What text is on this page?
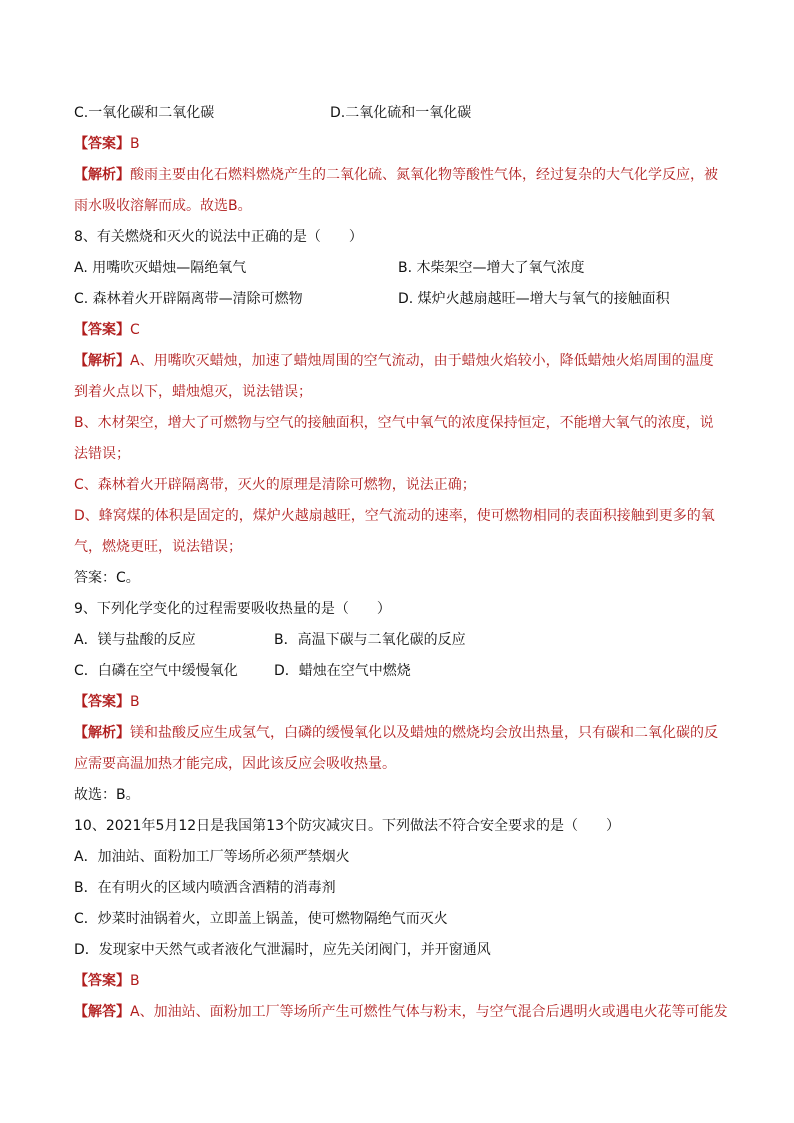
C.一氧化碳和二氧化碳	D.二氧化硫和一氧化碳
【答案】B
【解析】酸雨主要由化石燃料燃烧产生的二氧化硫、氮氧化物等酸性气体，经过复杂的大气化学反应，被雨水吸收溶解而成。故选B。
8、有关燃烧和灭火的说法中正确的是（　　）
A. 用嘴吹灭蜡烛—隔绝氧气	B. 木柴架空—增大了氧气浓度
C. 森林着火开辟隔离带—清除可燃物	D. 煤炉火越扇越旺—增大与氧气的接触面积
【答案】C
【解析】A、用嘴吹灭蜡烛，加速了蜡烛周围的空气流动，由于蜡烛火焰较小，降低蜡烛火焰周围的温度到着火点以下，蜡烛熄灭，说法错误；
B、木材架空，增大了可燃物与空气的接触面积，空气中氧气的浓度保持恒定，不能增大氧气的浓度，说法错误；
C、森林着火开辟隔离带，灭火的原理是清除可燃物，说法正确；
D、蜂窝煤的体积是固定的，煤炉火越扇越旺，空气流动的速率，使可燃物相同的表面积接触到更多的氧气，燃烧更旺，说法错误；
答案：C。
9、下列化学变化的过程需要吸收热量的是（　　）
A．镁与盐酸的反应	B．高温下碳与二氧化碳的反应
C．白磷在空气中缓慢氧化	D．蜡烛在空气中燃烧
【答案】B
【解析】镁和盐酸反应生成氢气，白磷的缓慢氧化以及蜡烛的燃烧均会放出热量，只有碳和二氧化碳的反应需要高温加热才能完成，因此该反应会吸收热量。
故选：B。
10、2021年5月12日是我国第13个防灾减灾日。下列做法不符合安全要求的是（　　）
A．加油站、面粉加工厂等场所必须严禁烟火
B．在有明火的区域内喷洒含酒精的消毒剂
C．炒菜时油锅着火，立即盖上锅盖，使可燃物隔绝气而灭火
D．发现家中天然气或者液化气泄漏时，应先关闭阀门，并开窗通风
【答案】B
【解答】A、加油站、面粉加工厂等场所产生可燃性气体与粉末，与空气混合后遇明火或遇电火花等可能发
